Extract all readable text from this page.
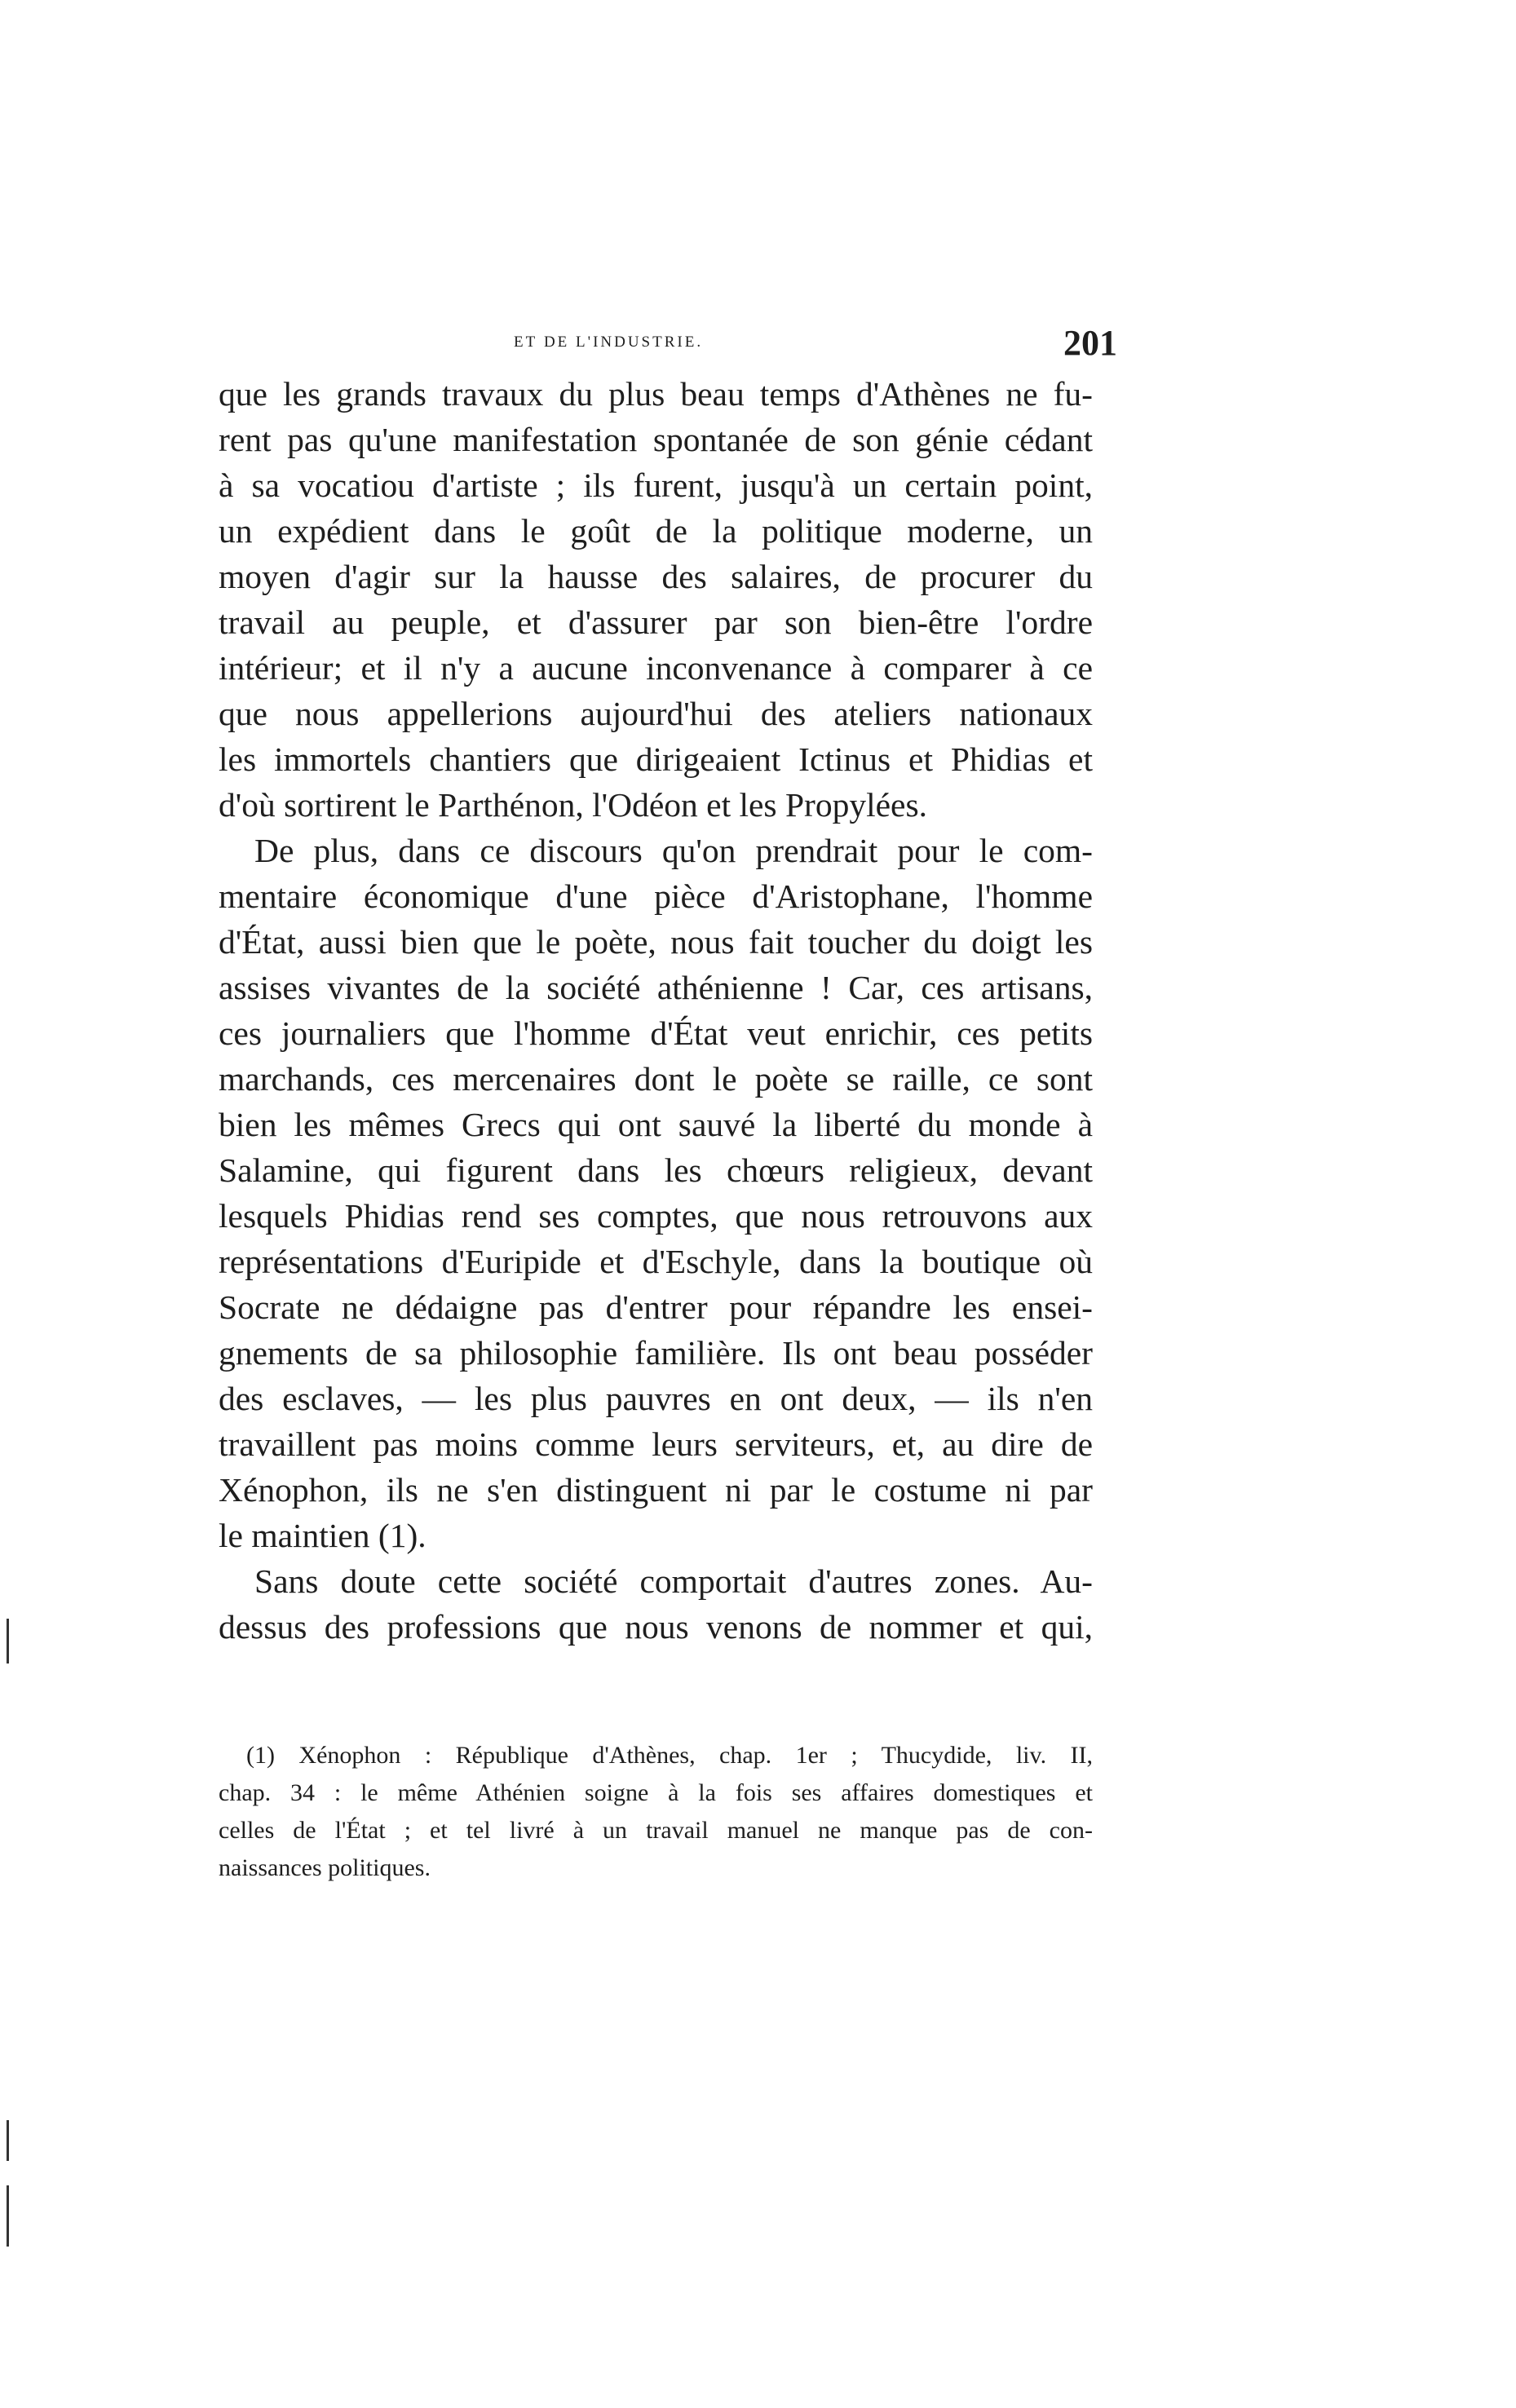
et de l'industrie.	201
que les grands travaux du plus beau temps d'Athènes ne fu-
rent pas qu'une manifestation spontanée de son génie cédant
à sa vocatiou d'artiste ; ils furent, jusqu'à un certain point,
un expédient dans le goût de la politique moderne, un
moyen d'agir sur la hausse des salaires, de procurer du
travail au peuple, et d'assurer par son bien-être l'ordre
intérieur; et il n'y a aucune inconvenance à comparer à ce
que nous appellerions aujourd'hui des ateliers nationaux
les immortels chantiers que dirigeaient Ictinus et Phidias et
d'où sortirent le Parthénon, l'Odéon et les Propylées.
De plus, dans ce discours qu'on prendrait pour le com-
mentaire économique d'une pièce d'Aristophane, l'homme
d'État, aussi bien que le poète, nous fait toucher du doigt les
assises vivantes de la société athénienne ! Car, ces artisans,
ces journaliers que l'homme d'État veut enrichir, ces petits
marchands, ces mercenaires dont le poète se raille, ce sont
bien les mêmes Grecs qui ont sauvé la liberté du monde à
Salamine, qui figurent dans les chœurs religieux, devant
lesquels Phidias rend ses comptes, que nous retrouvons aux
représentations d'Euripide et d'Eschyle, dans la boutique où
Socrate ne dédaigne pas d'entrer pour répandre les ensei-
gnements de sa philosophie familière. Ils ont beau posséder
des esclaves, — les plus pauvres en ont deux, — ils n'en
travaillent pas moins comme leurs serviteurs, et, au dire de
Xénophon, ils ne s'en distinguent ni par le costume ni par
le maintien (1).
Sans doute cette société comportait d'autres zones. Au-
dessus des professions que nous venons de nommer et qui,
(1) Xénophon : République d'Athènes, chap. 1er ; Thucydide, liv. II,
chap. 34 : le même Athénien soigne à la fois ses affaires domestiques et
celles de l'État ; et tel livré à un travail manuel ne manque pas de con-
naissances politiques.
